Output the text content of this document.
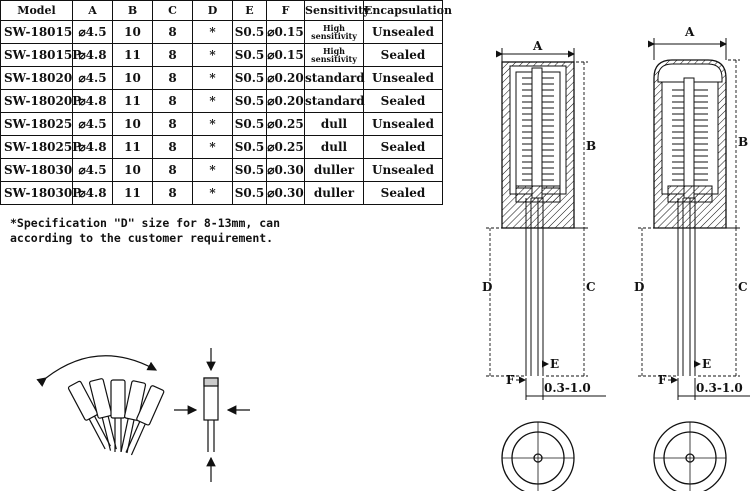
Model	A	B	C	D	E	F	Sensitivity	Encapsulation
SW-18015	⌀4.5	10	8	*	S0.5	⌀0.15	High sensitivity	Unsealed
SW-18015P	⌀4.8	11	8	*	S0.5	⌀0.15	High sensitivity	Sealed
SW-18020	⌀4.5	10	8	*	S0.5	⌀0.20	standard	Unsealed
SW-18020P	⌀4.8	11	8	*	S0.5	⌀0.20	standard	Sealed
SW-18025	⌀4.5	10	8	*	S0.5	⌀0.25	dull	Unsealed
SW-18025P	⌀4.8	11	8	*	S0.5	⌀0.25	dull	Sealed
SW-18030	⌀4.5	10	8	*	S0.5	⌀0.30	duller	Unsealed
SW-18030P	⌀4.8	11	8	*	S0.5	⌀0.30	duller	Sealed

*Specification "D" size for 8-13mm, can
according to the customer requirement.

A
B
C
D
E
F
0.3-1.0
A
B
C
D
E
F
0.3-1.0
